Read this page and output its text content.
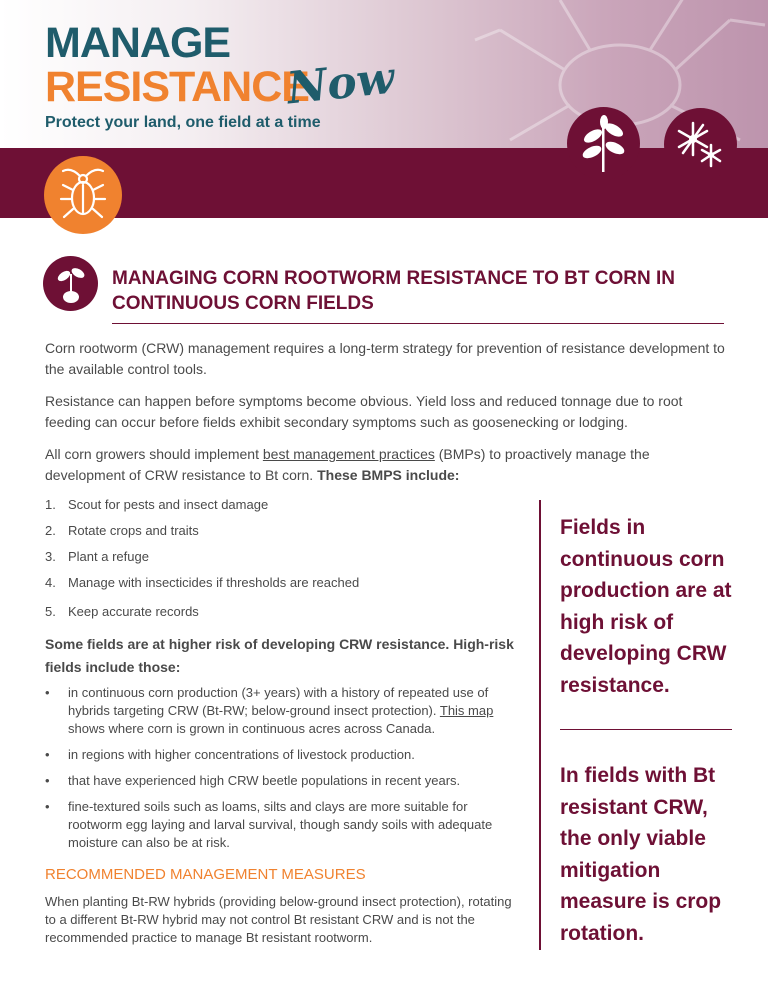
MANAGE
RESISTANCE
Now
Protect your land, one field at a time
MANAGING CORN ROOTWORM RESISTANCE TO BT CORN IN CONTINUOUS CORN FIELDS
Corn rootworm (CRW) management requires a long-term strategy for prevention of resistance development to the available control tools.
Resistance can happen before symptoms become obvious. Yield loss and reduced tonnage due to root feeding can occur before fields exhibit secondary symptoms such as goosenecking or lodging.
All corn growers should implement best management practices (BMPs) to proactively manage the development of CRW resistance to Bt corn. These BMPS include:
1. Scout for pests and insect damage
2. Rotate crops and traits
3. Plant a refuge
4. Manage with insecticides if thresholds are reached
5. Keep accurate records
Some fields are at higher risk of developing CRW resistance. High-risk fields include those:
• in continuous corn production (3+ years) with a history of repeated use of hybrids targeting CRW (Bt-RW; below-ground insect protection). This map shows where corn is grown in continuous acres across Canada.
• in regions with higher concentrations of livestock production.
• that have experienced high CRW beetle populations in recent years.
• fine-textured soils such as loams, silts and clays are more suitable for rootworm egg laying and larval survival, though sandy soils with adequate moisture can also be at risk.
RECOMMENDED MANAGEMENT MEASURES
When planting Bt-RW hybrids (providing below-ground insect protection), rotating to a different Bt-RW hybrid may not control Bt resistant CRW and is not the recommended practice to manage Bt resistant rootworm.
Fields in continuous corn production are at high risk of developing CRW resistance.
In fields with Bt resistant CRW, the only viable mitigation measure is crop rotation.
